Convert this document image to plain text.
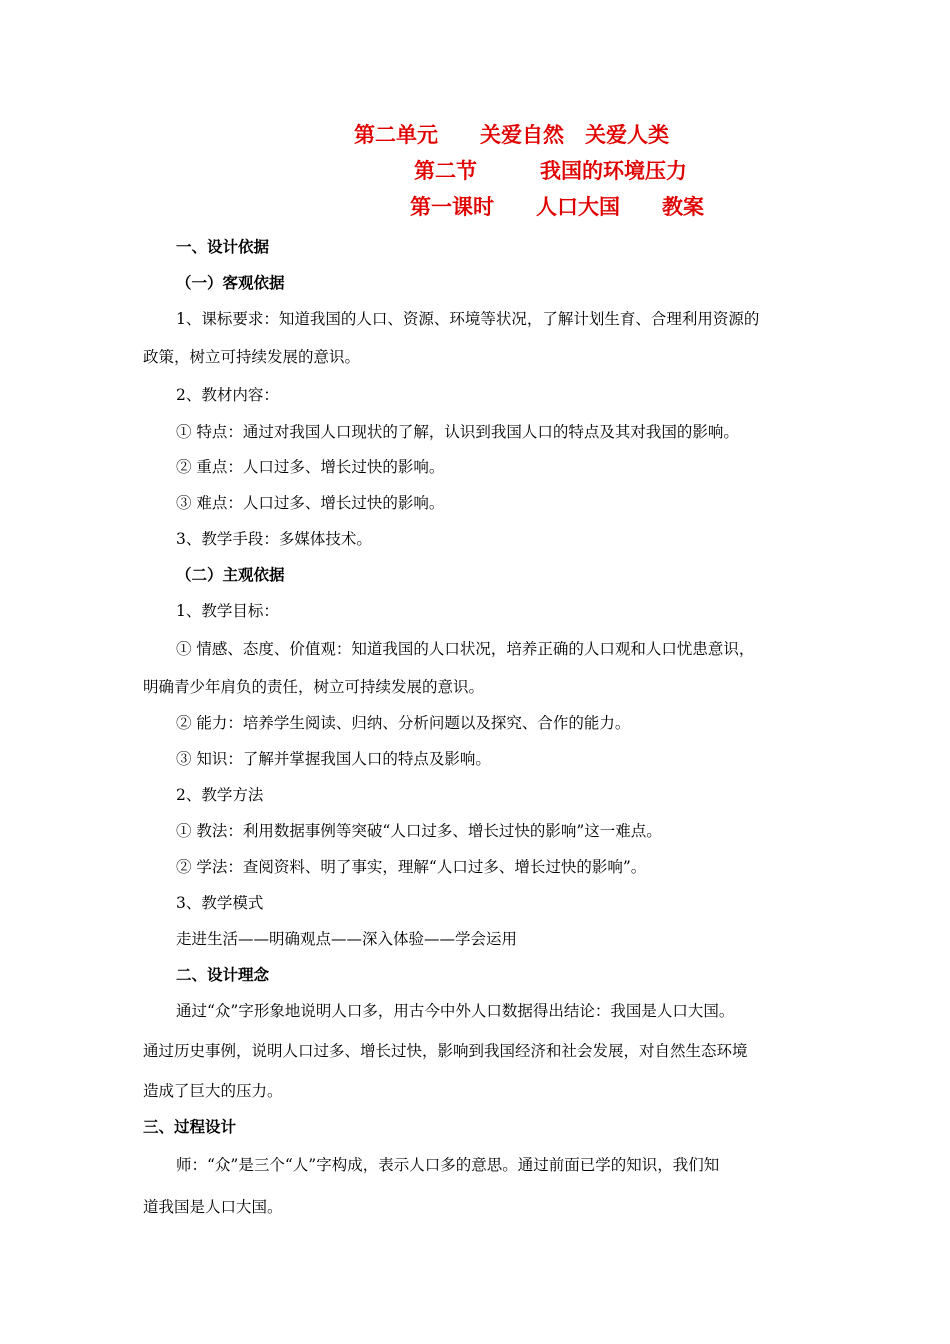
第二单元　　关爱自然　关爱人类
第二节　　　我国的环境压力
第一课时　　人口大国　　教案
一、设计依据
（一）客观依据
1、课标要求：知道我国的人口、资源、环境等状况，了解计划生育、合理利用资源的
政策，树立可持续发展的意识。
2、教材内容：
① 特点：通过对我国人口现状的了解，认识到我国人口的特点及其对我国的影响。
② 重点：人口过多、增长过快的影响。
③ 难点：人口过多、增长过快的影响。
3、教学手段：多媒体技术。
（二）主观依据
1、教学目标：
① 情感、态度、价值观：知道我国的人口状况，培养正确的人口观和人口忧患意识，
明确青少年肩负的责任，树立可持续发展的意识。
② 能力：培养学生阅读、归纳、分析问题以及探究、合作的能力。
③ 知识：了解并掌握我国人口的特点及影响。
2、教学方法
① 教法：利用数据事例等突破“人口过多、增长过快的影响”这一难点。
② 学法：查阅资料、明了事实，理解“人口过多、增长过快的影响”。
3、教学模式
走进生活——明确观点——深入体验——学会运用
二、设计理念
通过“众”字形象地说明人口多，用古今中外人口数据得出结论：我国是人口大国。
通过历史事例，说明人口过多、增长过快，影响到我国经济和社会发展，对自然生态环境
造成了巨大的压力。
三、过程设计
师：“众”是三个“人”字构成，表示人口多的意思。通过前面已学的知识，我们知
道我国是人口大国。
